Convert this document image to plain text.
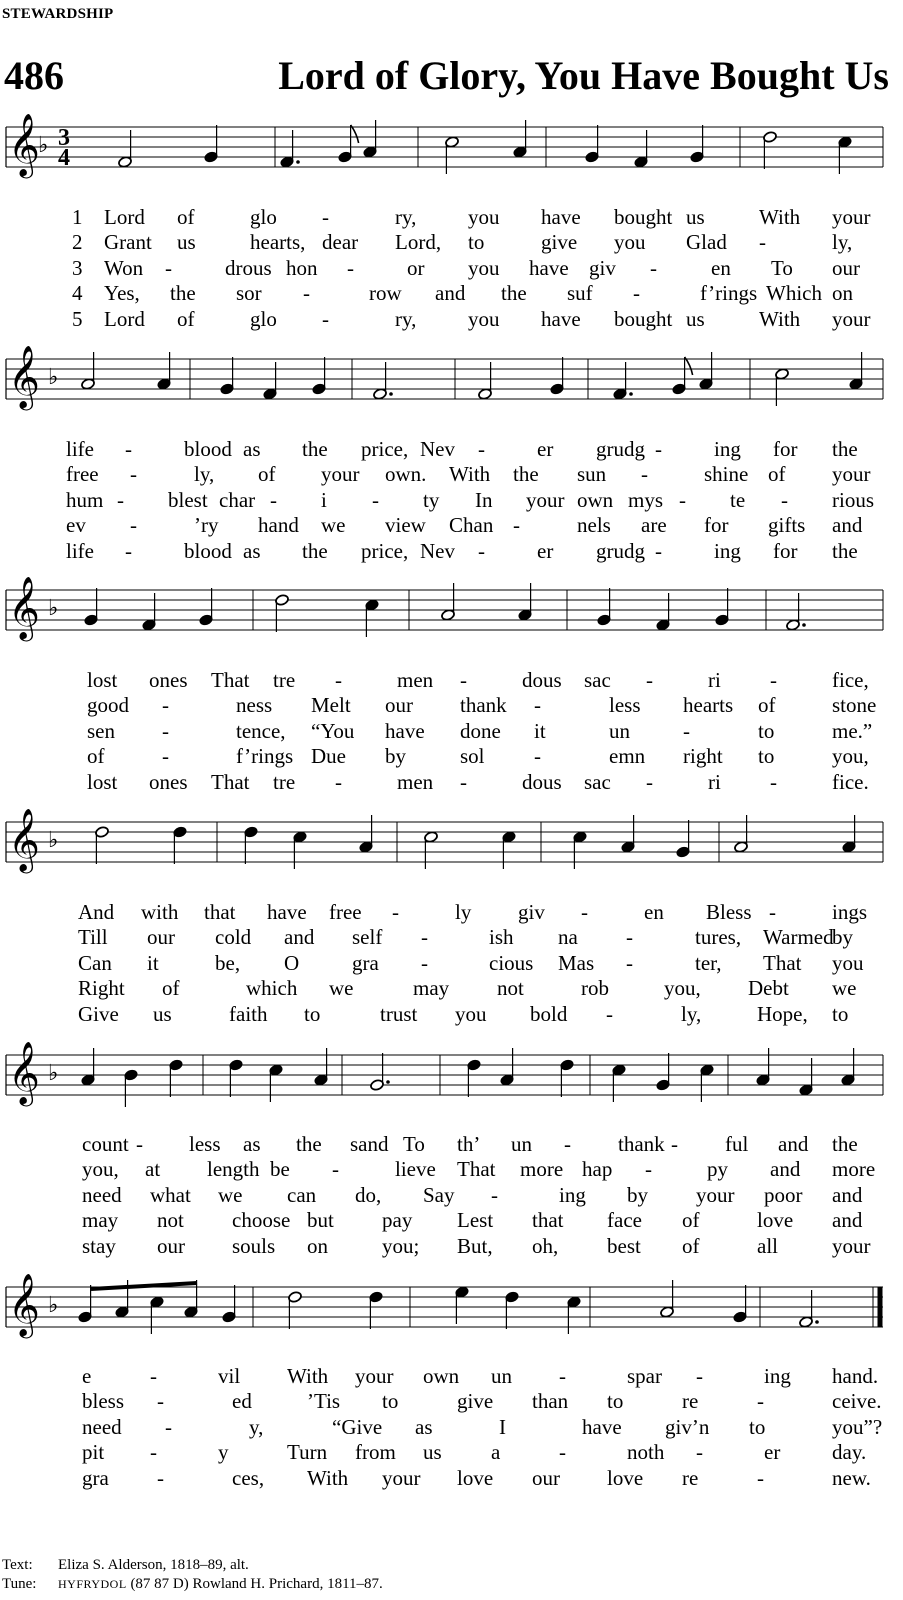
STEWARDSHIP
486	Lord of Glory, You Have Bought Us
𝄞
♭ 3
4
𝄞 ♭
𝄞 ♭
𝄞 ♭
𝄞 ♭
𝄞 ♭
Text:	Eliza S. Alderson, 1818–89, alt.
Tune:	HYFRYDOL (87 87 D) Rowland H. Prichard, 1811–87.
1 Lord of	glo -	ry, you have bought us	With your
2 Grant us	hearts, dear Lord, to	give you Glad -	ly,
3 Won -	drous hon -	or you have giv -	en To our
4 Yes, the sor -	row and the suf -	f’rings Which on
5 Lord of	glo -	ry, you have bought us	With your
life - blood as the price, Nev - er grudg - ing for the
free -	ly, of your own. With the sun -	shine of your
hum - blest char - i - ty In your own mys - te - rious
ev -	’ry hand we view Chan -	nels are for gifts and
life - blood as the price, Nev - er grudg - ing for the
lost ones That tre -	men -	dous sac -	ri -	fice,
good -	ness Melt our thank -	less hearts of	stone
sen -	tence, “You have done it	un	-	to	me.”
of	-	f’rings Due by	sol -	emn right to	you,
lost ones That tre -	men -	dous sac -	ri -	fice.
And with that have free -	ly giv -	en Bless -	ings
Till our cold and self -	ish na -	tures, Warmed
by
Can it	be, O	gra -	cious Mas -	ter, That you
Right of	which we	may not	rob	you, Debt we
Give us	faith to	trust you bold -	ly,	Hope, to
count - less as the sand To th’ un - thank - ful and the
you, at length be -	lieve That more hap -	py and more
need what we can do, Say -	ing by your poor and
may not choose but pay Lest that face of	love and
stay our souls on	you; But, oh, best of	all	your
e	-	vil With your own un -	spar -	ing hand.
bless -	ed	’Tis to	give than to	re	-	ceive.
need -	y,	“Give as	I	have giv’n to	you”?
pit -	y	Turn from us a	-	noth -	er day.
gra -	ces, With your love our love re	-	new.
